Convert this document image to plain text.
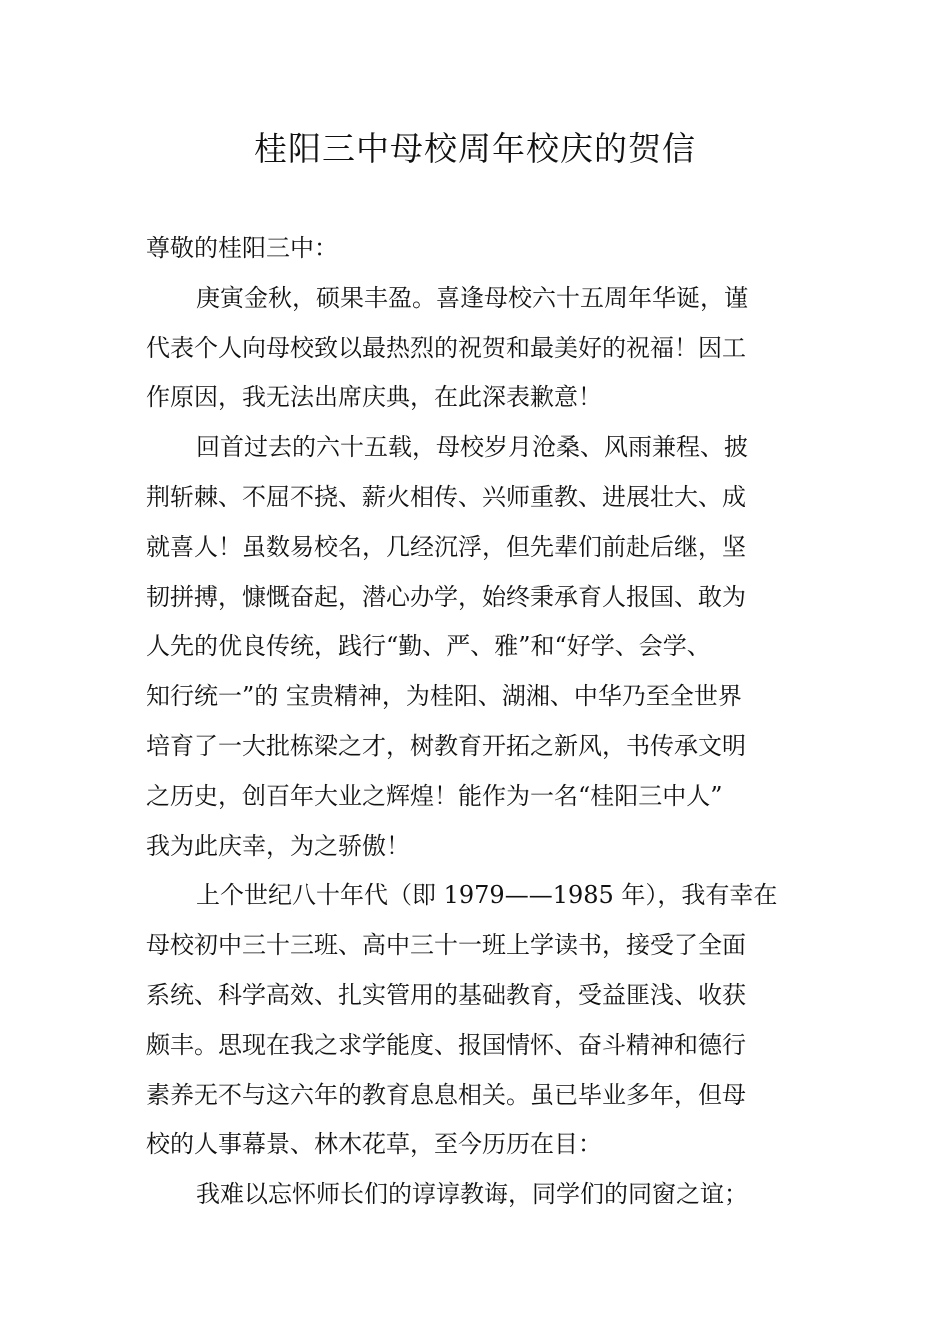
桂阳三中母校周年校庆的贺信
尊敬的桂阳三中：
庚寅金秋，硕果丰盈。喜逢母校六十五周年华诞，谨
代表个人向母校致以最热烈的祝贺和最美好的祝福！因工
作原因，我无法出席庆典，在此深表歉意！
回首过去的六十五载，母校岁月沧桑、风雨兼程、披
荆斩棘、不屈不挠、薪火相传、兴师重教、进展壮大、成
就喜人！虽数易校名，几经沉浮，但先辈们前赴后继，坚
韧拼搏，慷慨奋起，潜心办学，始终秉承育人报国、敢为
人先的优良传统，践行“勤、严、雅”和“好学、会学、
知行统一”的 宝贵精神，为桂阳、湖湘、中华乃至全世界
培育了一大批栋梁之才，树教育开拓之新风，书传承文明
之历史，创百年大业之辉煌！能作为一名“桂阳三中人”
我为此庆幸，为之骄傲！
上个世纪八十年代（即 1979——1985 年），我有幸在
母校初中三十三班、高中三十一班上学读书，接受了全面
系统、科学高效、扎实管用的基础教育，受益匪浅、收获
颇丰。思现在我之求学能度、报国情怀、奋斗精神和德行
素养无不与这六年的教育息息相关。虽已毕业多年，但母
校的人事幕景、林木花草，至今历历在目：
我难以忘怀师长们的谆谆教诲，同学们的同窗之谊；
